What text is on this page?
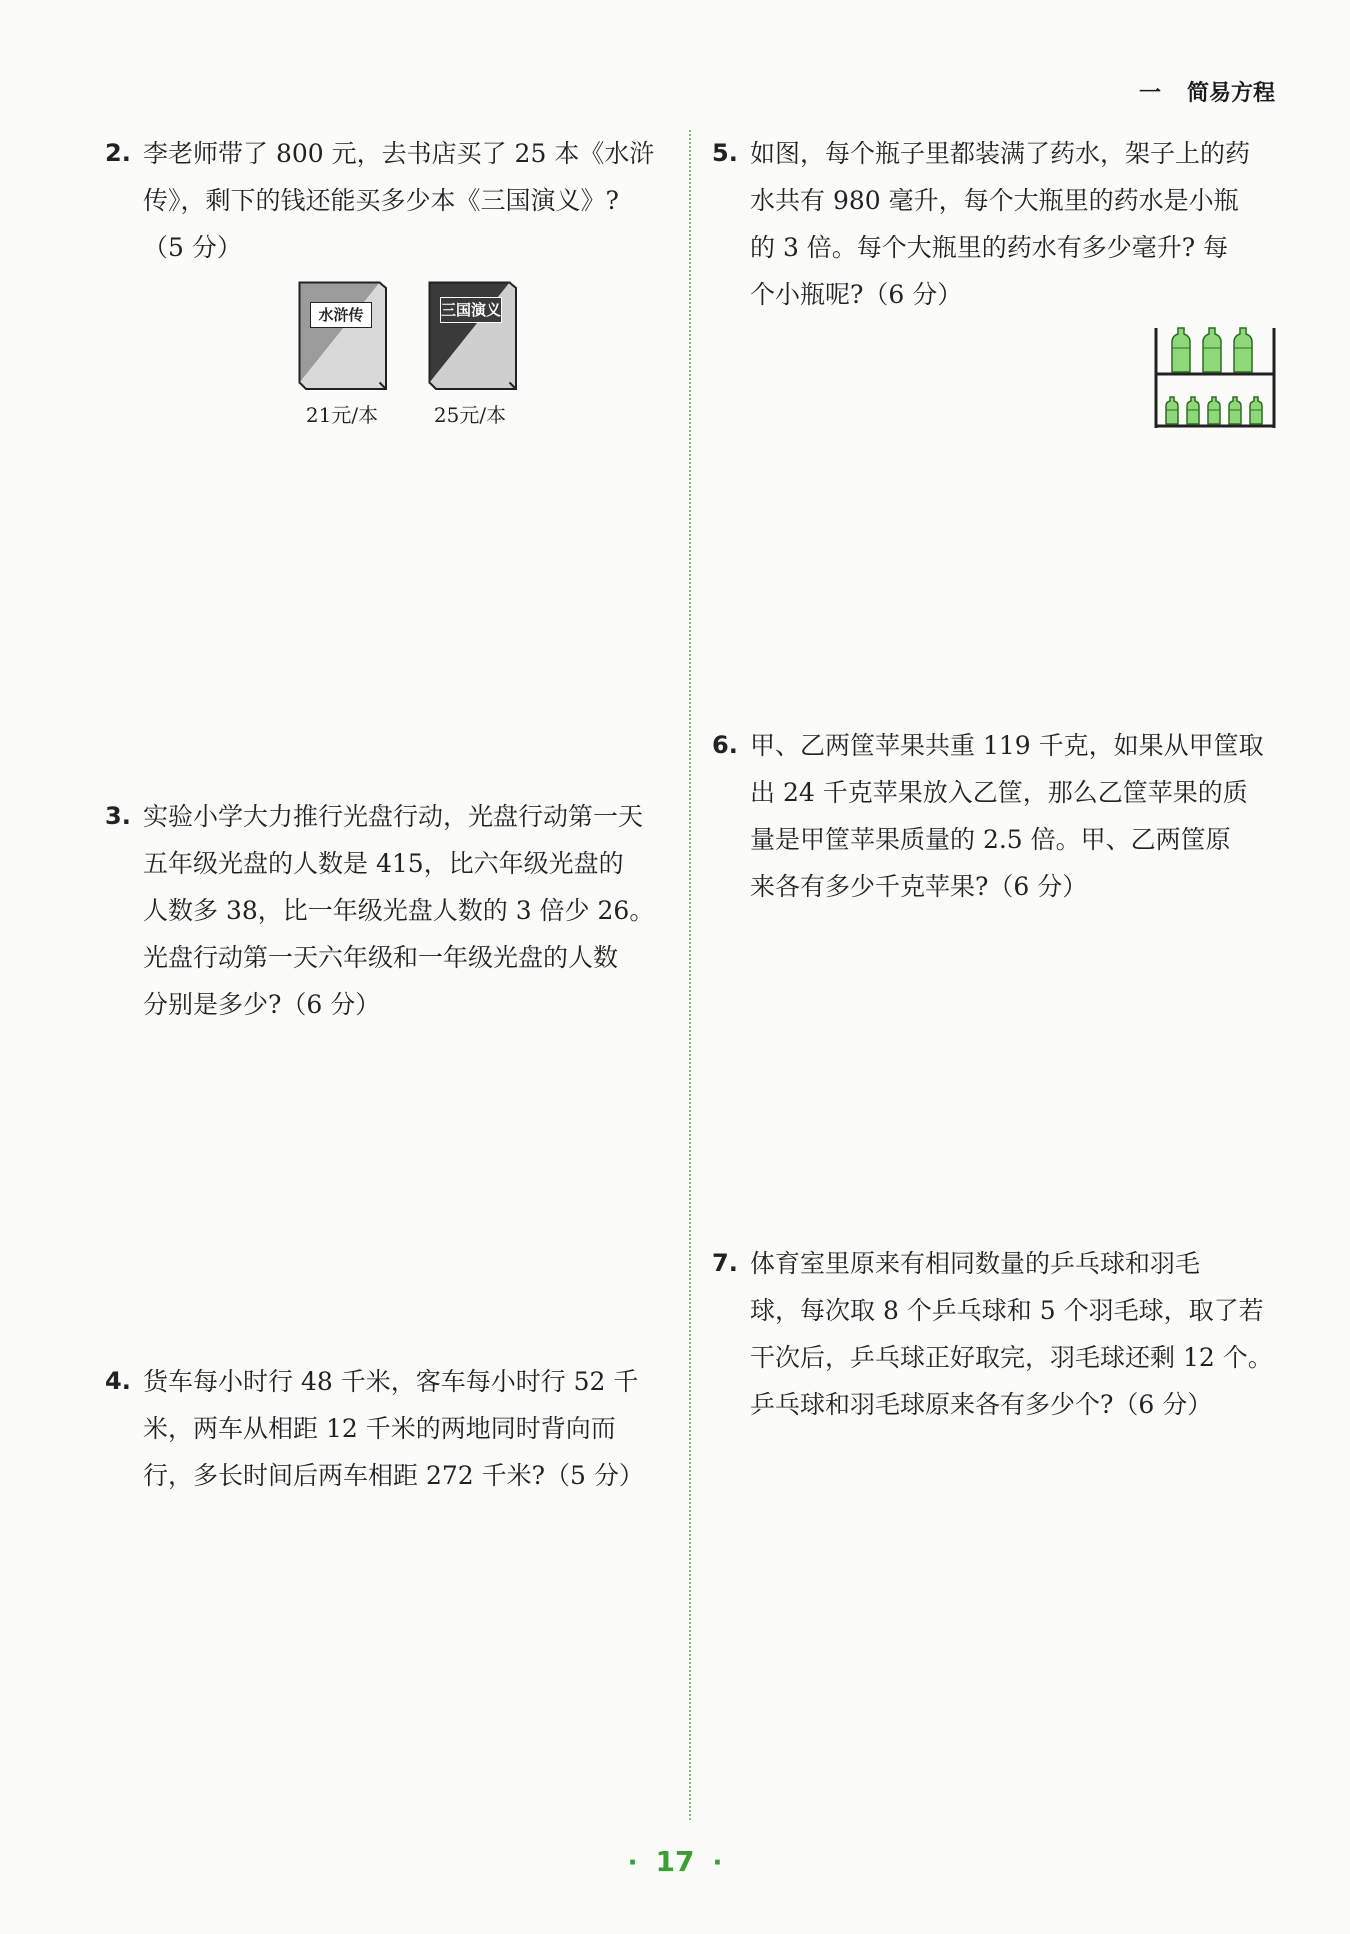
一 简易方程
2. 李老师带了 800 元，去书店买了 25 本《水浒
传》，剩下的钱还能买多少本《三国演义》?
（5 分）
水浒传
21元/本
三国演义
25元/本
3. 实验小学大力推行光盘行动，光盘行动第一天
五年级光盘的人数是 415，比六年级光盘的
人数多 38，比一年级光盘人数的 3 倍少 26。
光盘行动第一天六年级和一年级光盘的人数
分别是多少?（6 分）
4. 货车每小时行 48 千米，客车每小时行 52 千
米，两车从相距 12 千米的两地同时背向而
行，多长时间后两车相距 272 千米?（5 分）
5. 如图，每个瓶子里都装满了药水，架子上的药
水共有 980 毫升，每个大瓶里的药水是小瓶
的 3 倍。每个大瓶里的药水有多少毫升? 每
个小瓶呢?（6 分）
6. 甲、乙两筐苹果共重 119 千克，如果从甲筐取
出 24 千克苹果放入乙筐，那么乙筐苹果的质
量是甲筐苹果质量的 2.5 倍。甲、乙两筐原
来各有多少千克苹果?（6 分）
7. 体育室里原来有相同数量的乒乓球和羽毛
球，每次取 8 个乒乓球和 5 个羽毛球，取了若
干次后，乒乓球正好取完，羽毛球还剩 12 个。
乒乓球和羽毛球原来各有多少个?（6 分）
· 17 ·
